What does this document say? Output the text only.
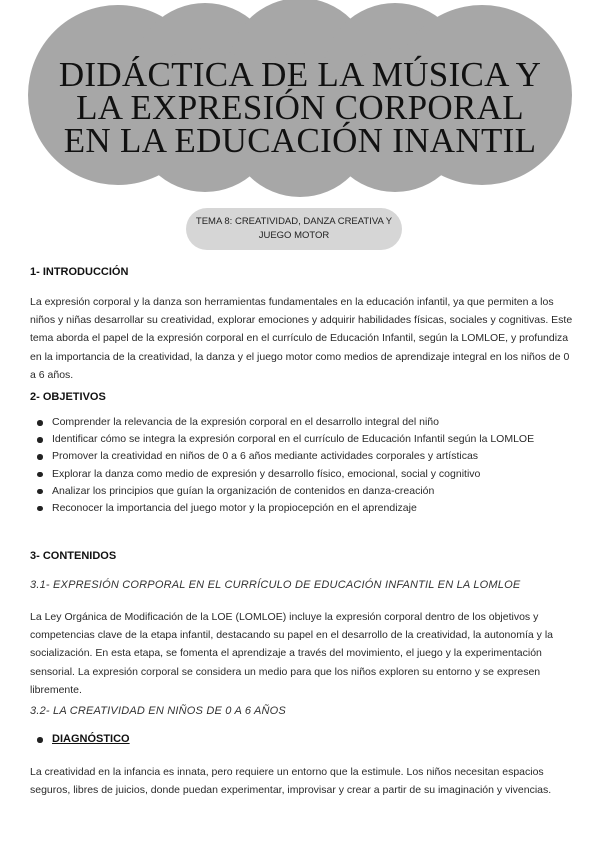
DIDÁCTICA DE LA MÚSICA Y
LA EXPRESIÓN CORPORAL
EN LA EDUCACIÓN INANTIL
TEMA 8: CREATIVIDAD, DANZA CREATIVA Y JUEGO MOTOR
1- INTRODUCCIÓN
La expresión corporal y la danza son herramientas fundamentales en la educación infantil, ya que permiten a los niños y niñas desarrollar su creatividad, explorar emociones y adquirir habilidades físicas, sociales y cognitivas. Este tema aborda el papel de la expresión corporal en el currículo de Educación Infantil, según la LOMLOE, y profundiza en la importancia de la creatividad, la danza y el juego motor como medios de aprendizaje integral en los niños de 0 a 6 años.
2- OBJETIVOS
Comprender la relevancia de la expresión corporal en el desarrollo integral del niño
Identificar cómo se integra la expresión corporal en el currículo de Educación Infantil según la LOMLOE
Promover la creatividad en niños de 0 a 6 años mediante actividades corporales y artísticas
Explorar la danza como medio de expresión y desarrollo físico, emocional, social y cognitivo
Analizar los principios que guían la organización de contenidos en danza-creación
Reconocer la importancia del juego motor y la propiocepción en el aprendizaje
3- CONTENIDOS
3.1- EXPRESIÓN CORPORAL EN EL CURRÍCULO DE EDUCACIÓN INFANTIL EN LA LOMLOE
La Ley Orgánica de Modificación de la LOE (LOMLOE) incluye la expresión corporal dentro de los objetivos y competencias clave de la etapa infantil, destacando su papel en el desarrollo de la creatividad, la autonomía y la socialización. En esta etapa, se fomenta el aprendizaje a través del movimiento, el juego y la experimentación sensorial. La expresión corporal se considera un medio para que los niños exploren su entorno y se expresen libremente.
3.2- LA CREATIVIDAD EN NIÑOS DE 0 A 6 AÑOS
DIAGNÓSTICO
La creatividad en la infancia es innata, pero requiere un entorno que la estimule. Los niños necesitan espacios seguros, libres de juicios, donde puedan experimentar, improvisar y crear a partir de su imaginación y vivencias.
